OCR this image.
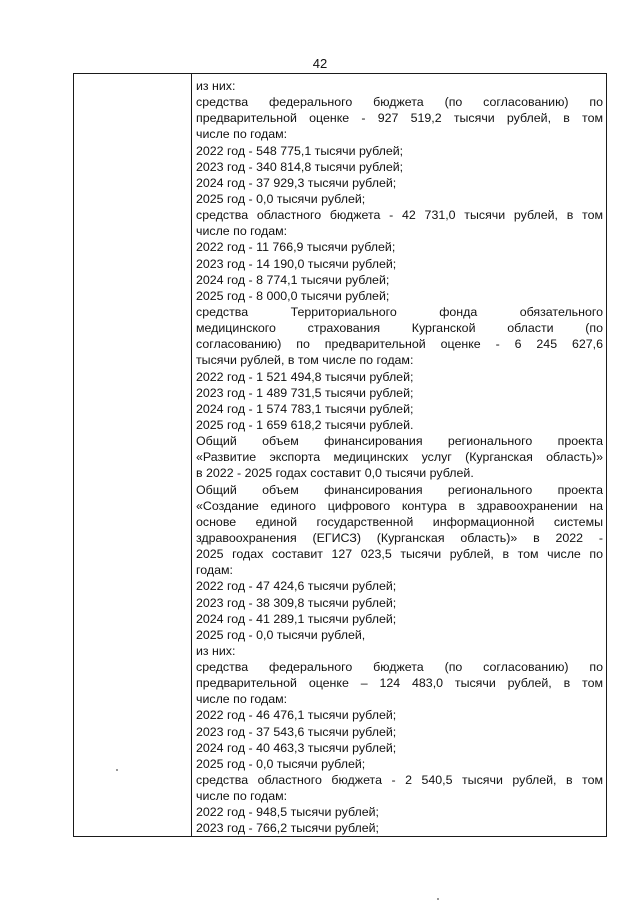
42
из них:
средства федерального бюджета (по согласованию) по
предварительной оценке - 927 519,2 тысячи рублей, в том
числе по годам:
2022 год - 548 775,1 тысячи рублей;
2023 год - 340 814,8 тысячи рублей;
2024 год - 37 929,3 тысячи рублей;
2025 год - 0,0 тысячи рублей;
средства областного бюджета - 42 731,0 тысячи рублей, в том
числе по годам:
2022 год - 11 766,9 тысячи рублей;
2023 год - 14 190,0 тысячи рублей;
2024 год - 8 774,1 тысячи рублей;
2025 год - 8 000,0 тысячи рублей;
средства Территориального фонда обязательного
медицинского страхования Курганской области (по
согласованию) по предварительной оценке - 6 245 627,6
тысячи рублей, в том числе по годам:
2022 год - 1 521 494,8 тысячи рублей;
2023 год - 1 489 731,5 тысячи рублей;
2024 год - 1 574 783,1 тысячи рублей;
2025 год - 1 659 618,2 тысячи рублей.
Общий объем финансирования регионального проекта
«Развитие экспорта медицинских услуг (Курганская область)»
в 2022 - 2025 годах составит 0,0 тысячи рублей.
Общий объем финансирования регионального проекта
«Создание единого цифрового контура в здравоохранении на
основе единой государственной информационной системы
здравоохранения (ЕГИСЗ) (Курганская область)» в 2022 -
2025 годах составит 127 023,5 тысячи рублей, в том числе по
годам:
2022 год - 47 424,6 тысячи рублей;
2023 год - 38 309,8 тысячи рублей;
2024 год - 41 289,1 тысячи рублей;
2025 год - 0,0 тысячи рублей,
из них:
средства федерального бюджета (по согласованию) по
предварительной оценке – 124 483,0 тысячи рублей, в том
числе по годам:
2022 год - 46 476,1 тысячи рублей;
2023 год - 37 543,6 тысячи рублей;
2024 год - 40 463,3 тысячи рублей;
2025 год - 0,0 тысячи рублей;
средства областного бюджета - 2 540,5 тысячи рублей, в том
числе по годам:
2022 год - 948,5 тысячи рублей;
2023 год - 766,2 тысячи рублей;
